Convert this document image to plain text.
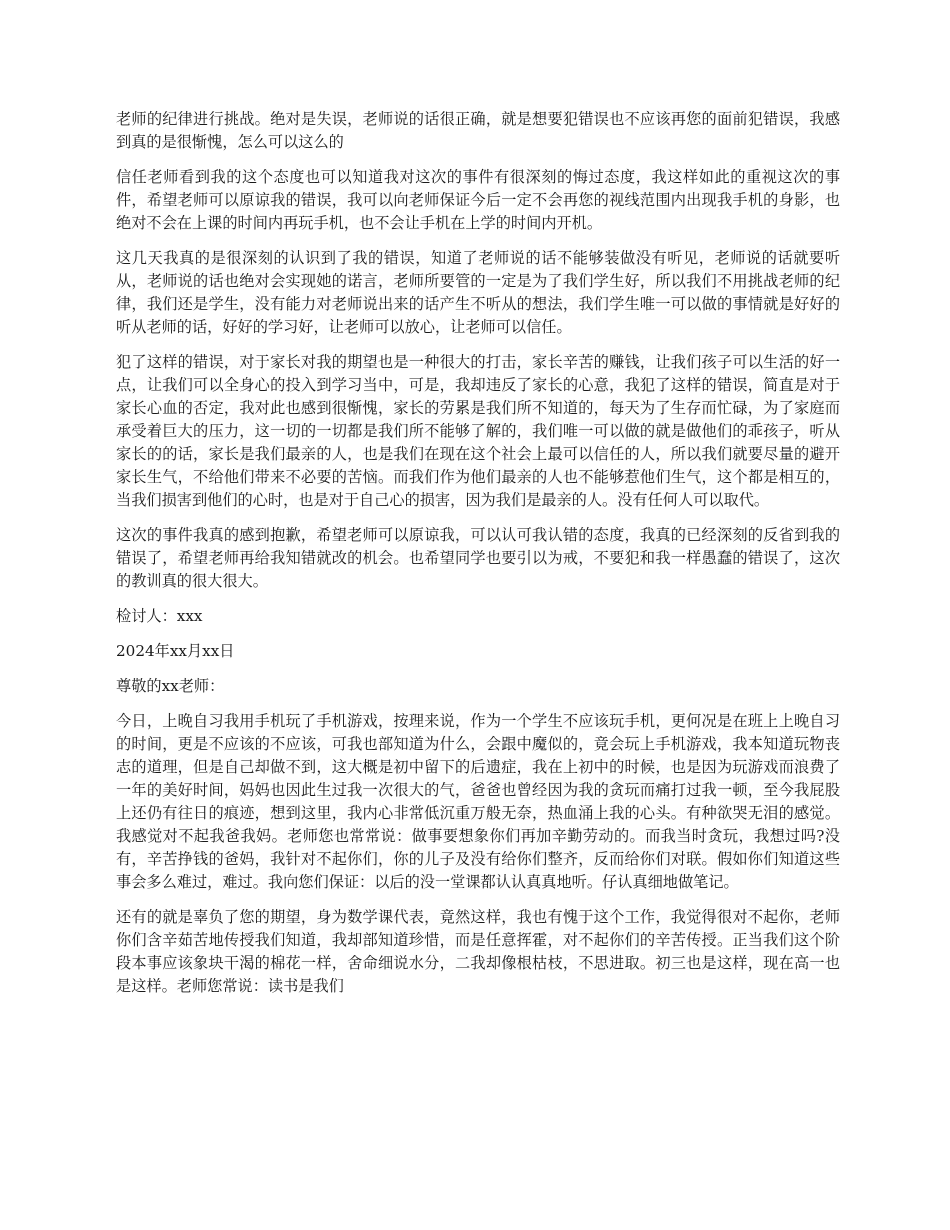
老师的纪律进行挑战。绝对是失误，老师说的话很正确，就是想要犯错误也不应该再您的面前犯错误，我感到真的是很惭愧，怎么可以这么的

信任老师看到我的这个态度也可以知道我对这次的事件有很深刻的悔过态度，我这样如此的重视这次的事件，希望老师可以原谅我的错误，我可以向老师保证今后一定不会再您的视线范围内出现我手机的身影，也绝对不会在上课的时间内再玩手机，也不会让手机在上学的时间内开机。

这几天我真的是很深刻的认识到了我的错误，知道了老师说的话不能够装做没有听见，老师说的话就要听从，老师说的话也绝对会实现她的诺言，老师所要管的一定是为了我们学生好，所以我们不用挑战老师的纪律，我们还是学生，没有能力对老师说出来的话产生不听从的想法，我们学生唯一可以做的事情就是好好的听从老师的话，好好的学习好，让老师可以放心，让老师可以信任。

犯了这样的错误，对于家长对我的期望也是一种很大的打击，家长辛苦的赚钱，让我们孩子可以生活的好一点，让我们可以全身心的投入到学习当中，可是，我却违反了家长的心意，我犯了这样的错误，简直是对于家长心血的否定，我对此也感到很惭愧，家长的劳累是我们所不知道的，每天为了生存而忙碌，为了家庭而承受着巨大的压力，这一切的一切都是我们所不能够了解的，我们唯一可以做的就是做他们的乖孩子，听从家长的的话，家长是我们最亲的人，也是我们在现在这个社会上最可以信任的人，所以我们就要尽量的避开家长生气，不给他们带来不必要的苦恼。而我们作为他们最亲的人也不能够惹他们生气，这个都是相互的，当我们损害到他们的心时，也是对于自己心的损害，因为我们是最亲的人。没有任何人可以取代。

这次的事件我真的感到抱歉，希望老师可以原谅我，可以认可我认错的态度，我真的已经深刻的反省到我的错误了，希望老师再给我知错就改的机会。也希望同学也要引以为戒，不要犯和我一样愚蠢的错误了，这次的教训真的很大很大。

检讨人：xxx

2024年xx月xx日

尊敬的xx老师：

今日，上晚自习我用手机玩了手机游戏，按理来说，作为一个学生不应该玩手机，更何况是在班上上晚自习的时间，更是不应该的不应该，可我也部知道为什么，会跟中魔似的，竟会玩上手机游戏，我本知道玩物丧志的道理，但是自己却做不到，这大概是初中留下的后遗症，我在上初中的时候，也是因为玩游戏而浪费了一年的美好时间，妈妈也因此生过我一次很大的气，爸爸也曾经因为我的贪玩而痛打过我一顿，至今我屁股上还仍有往日的痕迹，想到这里，我内心非常低沉重万般无奈，热血涌上我的心头。有种欲哭无泪的感觉。我感觉对不起我爸我妈。老师您也常常说：做事要想象你们再加辛勤劳动的。而我当时贪玩，我想过吗?没有，辛苦挣钱的爸妈，我针对不起你们，你的儿子及没有给你们整齐，反而给你们对联。假如你们知道这些事会多么难过，难过。我向您们保证：以后的没一堂课都认认真真地听。仔认真细地做笔记。

还有的就是辜负了您的期望，身为数学课代表，竟然这样，我也有愧于这个工作，我觉得很对不起你，老师你们含辛茹苦地传授我们知道，我却部知道珍惜，而是任意挥霍，对不起你们的辛苦传授。正当我们这个阶段本事应该象块干渴的棉花一样，舍命细说水分，二我却像根枯枝，不思进取。初三也是这样，现在高一也是这样。老师您常说：读书是我们
